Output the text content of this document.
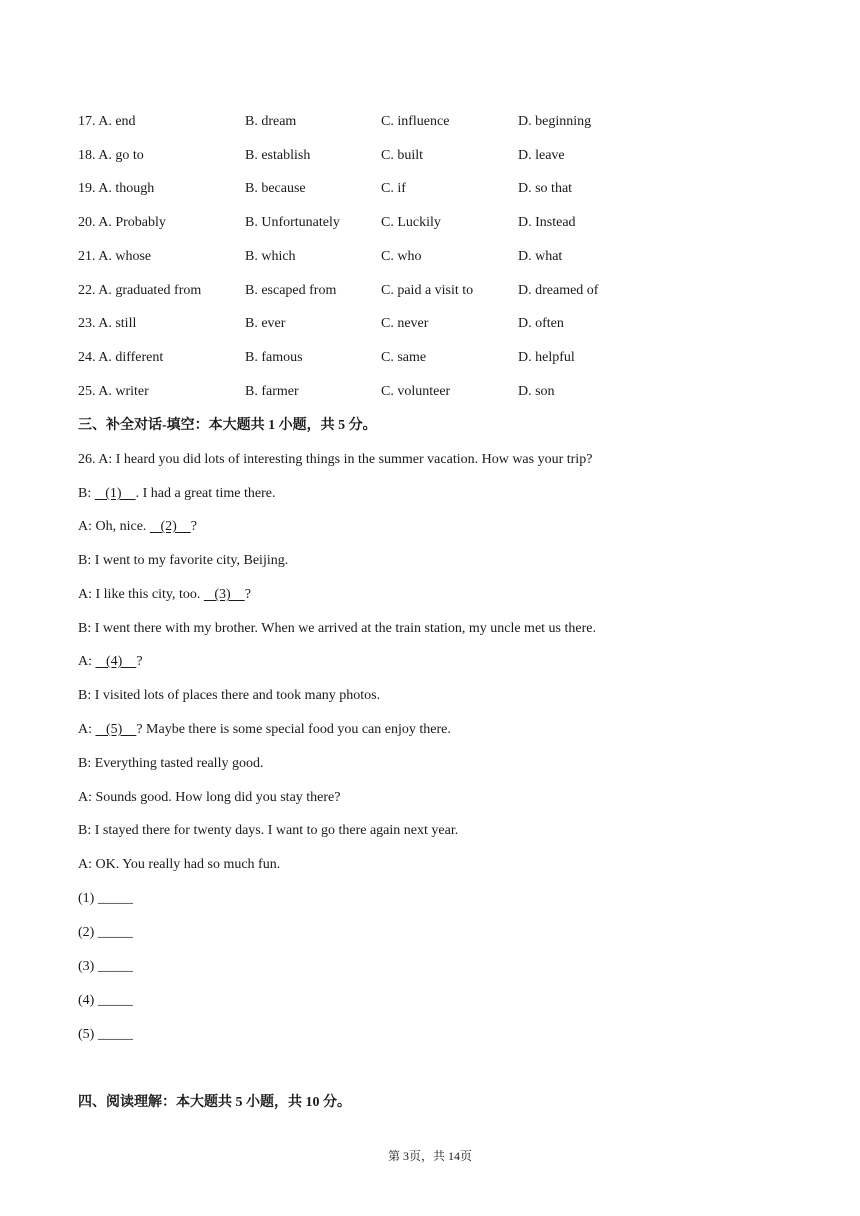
17. A. end	B. dream	C. influence	D. beginning
18. A. go to	B. establish	C. built	D. leave
19. A. though	B. because	C. if	D. so that
20. A. Probably	B. Unfortunately	C. Luckily	D. Instead
21. A. whose	B. which	C. who	D. what
22. A. graduated from	B. escaped from	C. paid a visit to	D. dreamed of
23. A. still	B. ever	C. never	D. often
24. A. different	B. famous	C. same	D. helpful
25. A. writer	B. farmer	C. volunteer	D. son
三、补全对话-填空：本大题共 1 小题，共 5 分。
26. A: I heard you did lots of interesting things in the summer vacation. How was your trip?
B:    (1)    . I had a great time there.
A: Oh, nice.    (2)    ?
B: I went to my favorite city, Beijing.
A: I like this city, too.    (3)    ?
B: I went there with my brother. When we arrived at the train station, my uncle met us there.
A:    (4)    ?
B: I visited lots of places there and took many photos.
A:    (5)    ? Maybe there is some special food you can enjoy there.
B: Everything tasted really good.
A: Sounds good. How long did you stay there?
B: I stayed there for twenty days. I want to go there again next year.
A: OK. You really had so much fun.
(1) _____
(2) _____
(3) _____
(4) _____
(5) _____
四、阅读理解：本大题共 5 小题，共 10 分。
第 3页，共 14页
